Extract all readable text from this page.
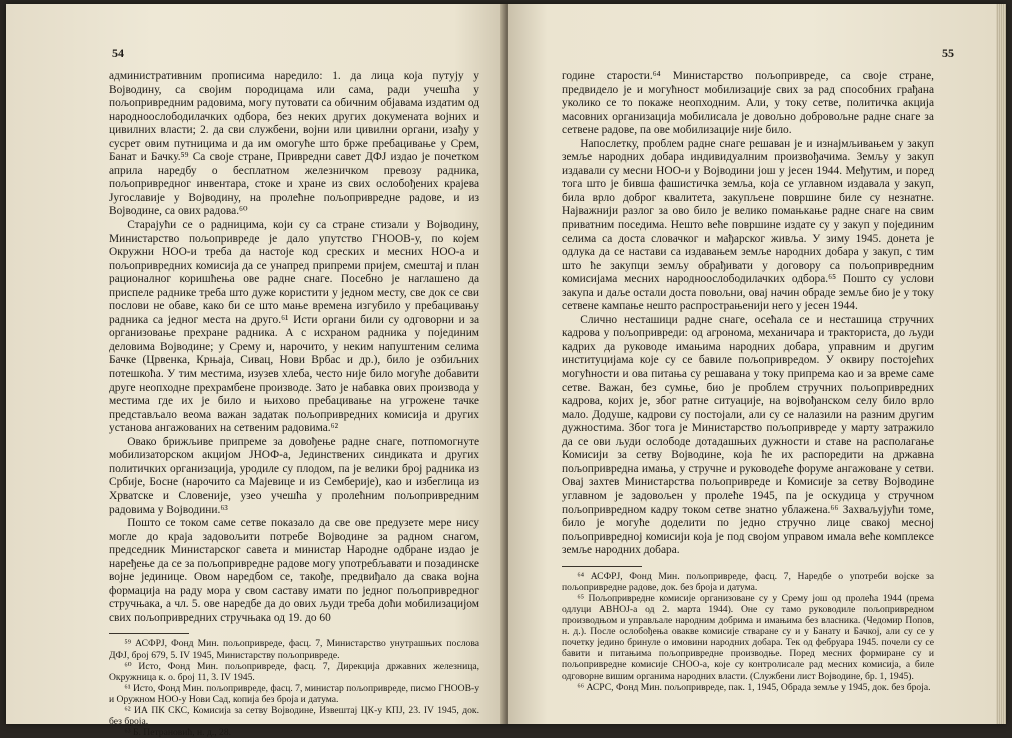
54

административним прописима наредило: 1. да лица која путују у Војводину, са својим породицама или сама, ради учешћа у пољопривредним радовима, могу путовати са обичним објавама издатим од народноослободилачких одбора, без неких других докумената војних и цивилних власти; 2. да сви службени, војни или цивилни органи, изађу у сусрет овим путницима и да им омогуће што брже пребацивање у Срем, Банат и Бачку.⁵⁹ Са своје стране, Привредни савет ДФЈ издао је почетком априла наредбу о бесплатном железничком превозу радника, пољопривредног инвентара, стоке и хране из свих ослобођених крајева Југославије у Војводину, на пролећне пољопривредне радове, и из Војводине, са ових радова.⁶⁰

Старајући се о радницима, који су са стране стизали у Војводину, Министарство пољопривреде је дало упутство ГНООВ-у, по којем Окружни НОО-и треба да настоје код среских и месних НОО-а и пољопривредних комисија да се унапред припреми пријем, смештај и план рационалног коришћења ове радне снаге. Посебно је наглашено да приспеле раднике треба што дуже користити у једном месту, све док се сви послови не обаве, како би се што мање времена изгубило у пребацивању радника са једног места на друго.⁶¹ Исти органи били су одговорни и за организовање прехране радника. А с исхраном радника у појединим деловима Војводине; у Срему и, нарочито, у неким напуштеним селима Бачке (Црвенка, Крњаја, Сивац, Нови Врбас и др.), било је озбиљних потешкоћа. У тим местима, изузев хлеба, често није било могуће добавити друге неопходне прехрамбене производе. Зато је набавка ових производа у местима где их је било и њихово пребацивање на угрожене тачке представљало веома важан задатак пољопривредних комисија и других установа ангажованих на сетвеним радовима.⁶²

Овако брижљиве припреме за довођење радне снаге, потпомогнуте мобилизаторском акцијом ЈНОФ-а, Јединствених синдиката и других политичких организација, уродиле су плодом, па је велики број радника из Србије, Босне (нарочито са Мајевице и из Семберије), као и избеглица из Хрватске и Словеније, узео учешћа у пролећним пољопривредним радовима у Војводини.⁶³

Пошто се током саме сетве показало да све ове предузете мере нису могле до краја задовољити потребе Војводине за радном снагом, председник Министарског савета и министар Народне одбране издао је наређење да се за пољопривредне радове могу употребљавати и позадинске војне јединице. Овом наредбом се, такође, предвиђало да свака војна формација на раду мора у свом саставу имати по једног пољопривредног стручњака, а чл. 5. ове наредбе да до ових људи треба доћи мобилизацијом свих пољопривредних стручњака од 19. до 60

⁵⁹ АСФРЈ, Фонд Мин. пољопривреде, фасц. 7, Министарство унутрашњих послова ДФЈ, број 679, 5. IV 1945, Министарству пољопривреде.

⁶⁰ Исто, Фонд Мин. пољопривреде, фасц. 7, Дирекција државних железница, Окружница к. о. број 11, 3. IV 1945.

⁶¹ Исто, Фонд Мин. пољопривреде, фасц. 7, министар пољопривреде, писмо ГНООВ-у и Оружном НОО-у Нови Сад, копија без броја и датума.

⁶² ИА ПК СКС, Комисија за сетву Војводине, Извештај ЦК-у КПЈ, 23. IV 1945, док. без броја.

⁶³ Б. Петрановић, н. д., 28.

55

године старости.⁶⁴ Министарство пољопривреде, са своје стране, предвидело је и могућност мобилизације свих за рад способних грађана уколико се то покаже неопходним. Али, у току сетве, политичка акција масовних организација мобилисала је довољно добровољне радне снаге за сетвене радове, па ове мобилизације није било.

Напослетку, проблем радне снаге решаван је и изнајмљивањем у закуп земље народних добара индивидуалним произвођачима. Земљу у закуп издавали су месни НОО-и у Војводини још у јесен 1944. Међутим, и поред тога што је бивша фашистичка земља, која се углавном издавала у закуп, била врло доброг квалитета, закупљене површине биле су незнатне. Најважнији разлог за ово било је велико помањкање радне снаге на свим приватним поседима. Нешто веће површине издате су у закуп у појединим селима са доста словачког и мађарског живља. У зиму 1945. донета је одлука да се настави са издавањем земље народних добара у закуп, с тим што ће закупци земљу обрађивати у договору са пољопривредним комисијама месних народноослободилачких одбора.⁶⁵ Пошто су услови закупа и даље остали доста повољни, овај начин обраде земље био је у току сетвене кампање нешто распрострањенији него у јесен 1944.

Слично несташици радне снаге, осећала се и несташица стручних кадрова у пољопривреди: од агронома, механичара и тракториста, до људи кадрих да руководе имањима народних добара, управним и другим институцијама које су се бавиле пољопривредом. У оквиру постојећих могућности и ова питања су решавана у току припрема као и за време саме сетве. Важан, без сумње, био је проблем стручних пољопривредних кадрова, којих је, због ратне ситуације, на војвођанском селу било врло мало. Додуше, кадрови су постојали, али су се налазили на разним другим дужностима. Због тога је Министарство пољопривреде у марту затражило да се ови људи ослободе дотадашњих дужности и ставе на располагање Комисији за сетву Војводине, која ће их распоредити на државна пољопривредна имања, у стручне и руководеће форуме ангажоване у сетви. Овај захтев Министарства пољопривреде и Комисије за сетву Војводине углавном је задовољен у пролеће 1945, па је оскудица у стручном пољопривредном кадру током сетве знатно ублажена.⁶⁶ Захваљујући томе, било је могуће доделити по једно стручно лице свакој месној пољопривредној комисији која је под својом управом имала веће комплексе земље народних добара.

⁶⁴ АСФРЈ, Фонд Мин. пољопривреде, фасц. 7, Наредбе о употреби војске за пољопривредне радове, док. без броја и датума.

⁶⁵ Пољопривредне комисије организоване су у Срему још од пролећа 1944 (према одлуци АВНОЈ-а од 2. марта 1944). Оне су тамо руководиле пољопривредном производњом и управљале народним добрима и имањима без власника. (Чедомир Попов, н. д.). После ослобођења овакве комисије стваране су и у Банату и Бачкој, али су се у почетку једино бринуле о имовини народних добара. Тек од фебруара 1945. почели су се бавити и питањима пољопривредне производње. Поред месних формиране су и пољопривредне комисије СНОО-а, које су контролисале рад месних комисија, а биле одговорне вишим органима народних власти. (Службени лист Војводине, бр. 1, 1945).

⁶⁶ АСРС, Фонд Мин. пољопривреде, пак. 1, 1945, Обрада земље у 1945, док. без броја.
